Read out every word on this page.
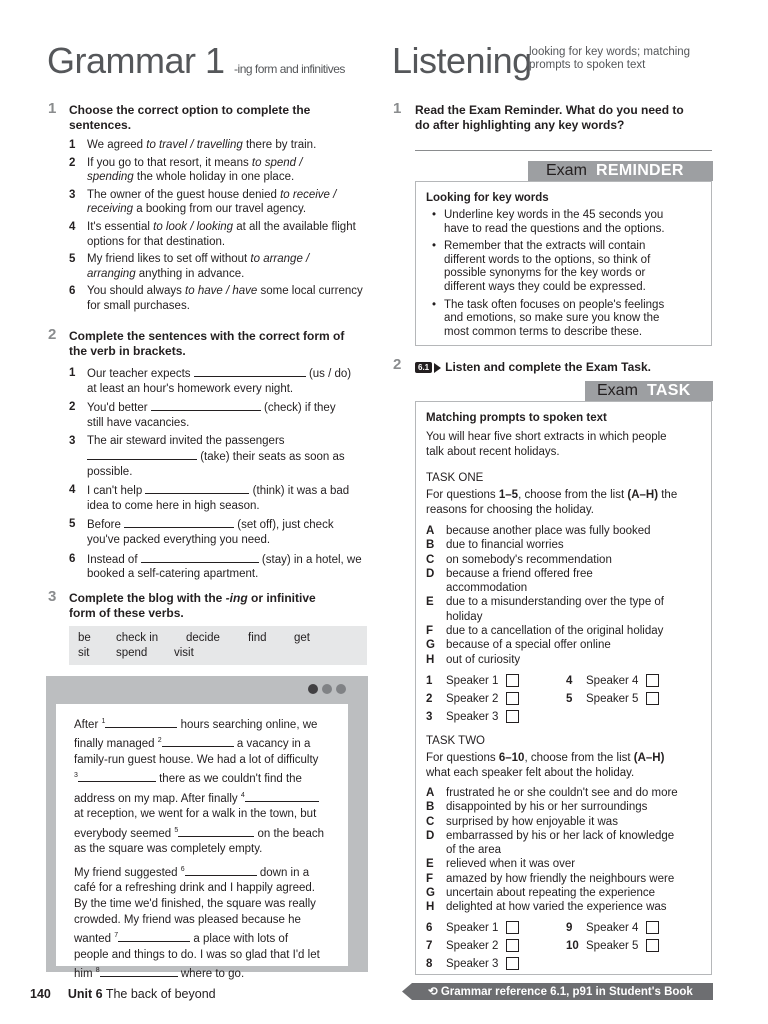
Grammar 1 -ing form and infinitives
1 Choose the correct option to complete the
sentences.
1 We agreed to travel / travelling there by train.
2 If you go to that resort, it means to spend /
spending the whole holiday in one place.
3 The owner of the guest house denied to receive /
receiving a booking from our travel agency.
4 It's essential to look / looking at all the available flight options for that destination.
5 My friend likes to set off without to arrange /
arranging anything in advance.
6 You should always to have / have some local currency for small purchases.
2 Complete the sentences with the correct form of
the verb in brackets.
1 Our teacher expects	(us / do)
at least an hour's homework every night.
2 You'd better	(check) if they
still have vacancies.
3 The air steward invited the passengers
(take) their seats as soon as
possible.
4 I can't help	(think) it was a bad
idea to come here in high season.
5 Before	(set off), just check
you've packed everything you need.
6 Instead of	(stay) in a hotel, we
booked a self-catering apartment.
3 Complete the blog with the -ing or infinitive
form of these verbs.
be check in decide find get
sit spend visit

After $^1$	hours searching online, we
finally managed $^2$	a vacancy in a
family-run guest house. We had a lot of difficulty
$^3$	there as we couldn't find the
address on my map. After finally $^4$
at reception, we went for a walk in the town, but
everybody seemed $^5$	on the beach
as the square was completely empty.

My friend suggested $^6$	down in a
café for a refreshing drink and I happily agreed.
By the time we'd finished, the square was really
crowded. My friend was pleased because he
wanted $^7$	a place with lots of
people and things to do. I was so glad that I'd let
him $^8$	where to go.

140 Unit 6 The back of beyond
Listening
looking for key words; matching
prompts to spoken text
1 Read the Exam Reminder. What do you need to
do after highlighting any key words?
Exam REMINDER
Looking for key words
• Underline key words in the 45 seconds you
have to read the questions and the options.
• Remember that the extracts will contain
different words to the options, so think of
possible synonyms for the key words or
different ways they could be expressed.
• The task often focuses on people's feelings
and emotions, so make sure you know the
most common terms to describe these.
2	6.1 Listen and complete the Exam Task.
Exam TASK
Matching prompts to spoken text
You will hear five short extracts in which people
talk about recent holidays.
TASK ONE
For questions 1–5, choose from the list (A–H) the
reasons for choosing the holiday.
A because another place was fully booked
B due to financial worries
C on somebody's recommendation
D because a friend offered free
accommodation
E due to a misunderstanding over the type of
holiday
F due to a cancellation of the original holiday
G because of a special offer online
H out of curiosity
1 Speaker 1	4 Speaker 4
2 Speaker 2	5 Speaker 5
3 Speaker 3
TASK TWO
For questions 6–10, choose from the list (A–H)
what each speaker felt about the holiday.
A frustrated he or she couldn't see and do more
B disappointed by his or her surroundings
C surprised by how enjoyable it was
D embarrassed by his or her lack of knowledge
of the area
E relieved when it was over
F amazed by how friendly the neighbours were
G uncertain about repeating the experience
H delighted at how varied the experience was
6 Speaker 1	9 Speaker 4
7 Speaker 2	10 Speaker 5
8 Speaker 3
⟲ Grammar reference 6.1, p91 in Student's Book
